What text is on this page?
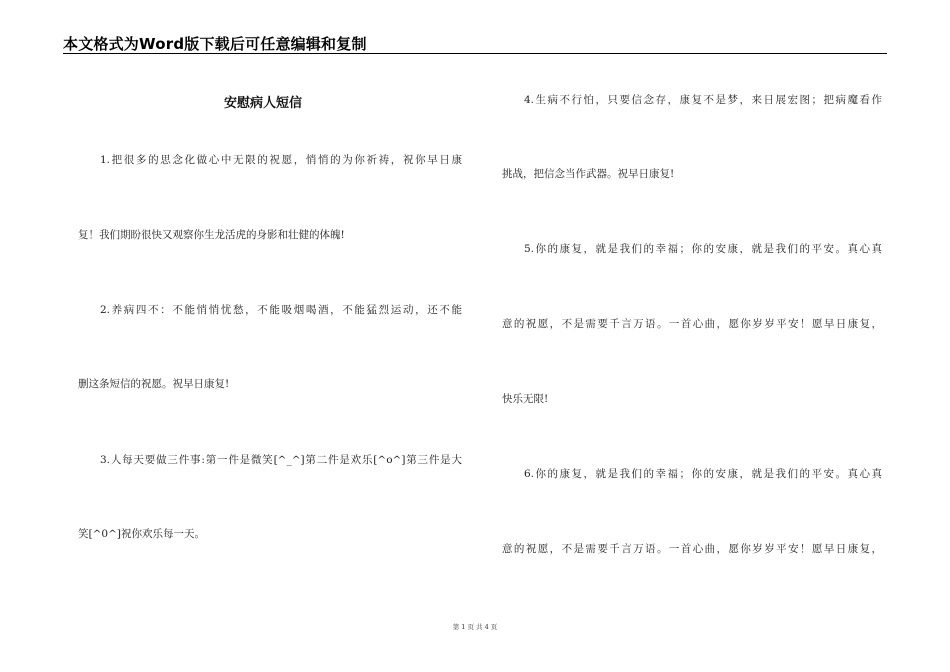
本文格式为Word版下载后可任意编辑和复制
安慰病人短信
1.把很多的思念化做心中无限的祝愿，悄悄的为你祈祷，祝你早日康
复！我们期盼很快又观察你生龙活虎的身影和壮健的体魄!
2.养病四不：不能悄悄忧愁，不能吸烟喝酒，不能猛烈运动，还不能
删这条短信的祝愿。祝早日康复!
3.人每天要做三件事:第一件是微笑[^_^]第二件是欢乐[^o^]第三件是大
笑[^0^]祝你欢乐每一天。
4.生病不行怕，只要信念存，康复不是梦，来日展宏图；把病魔看作
挑战，把信念当作武器。祝早日康复!
5.你的康复，就是我们的幸福；你的安康，就是我们的平安。真心真
意的祝愿，不是需要千言万语。一首心曲，愿你岁岁平安！愿早日康复，
快乐无限!
6.你的康复，就是我们的幸福；你的安康，就是我们的平安。真心真
意的祝愿，不是需要千言万语。一首心曲，愿你岁岁平安！愿早日康复，
第 1 页 共 4 页
